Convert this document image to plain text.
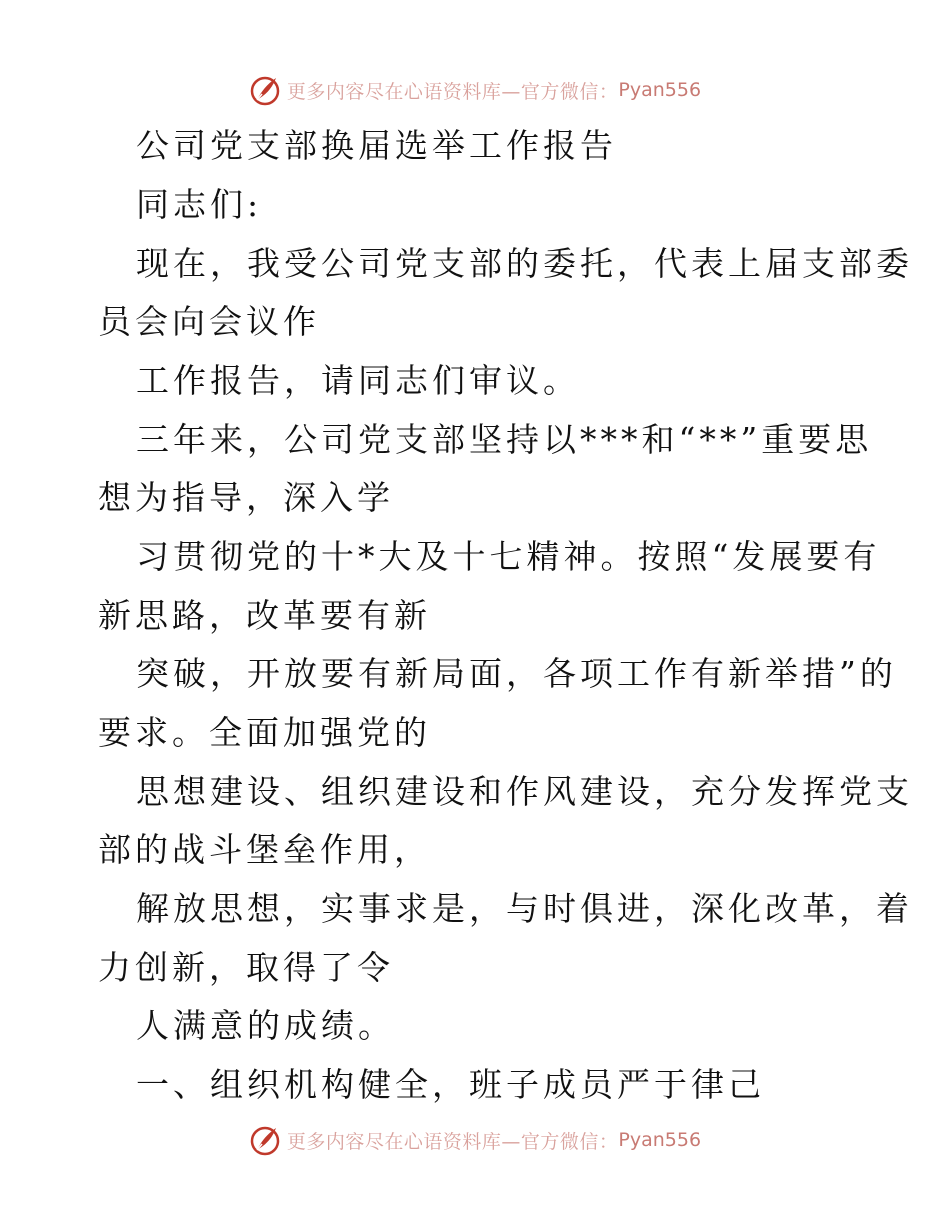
更多内容尽在心语资料库—官方微信： Pyan556
公司党支部换届选举工作报告
同志们:
现在，我受公司党支部的委托，代表上届支部委
员会向会议作
工作报告，请同志们审议。
三年来，公司党支部坚持以***和“**”重要思
想为指导，深入学
习贯彻党的十*大及十七精神。按照“发展要有
新思路，改革要有新
突破，开放要有新局面，各项工作有新举措”的
要求。全面加强党的
思想建设、组织建设和作风建设，充分发挥党支
部的战斗堡垒作用，
解放思想，实事求是，与时俱进，深化改革，着
力创新，取得了令
人满意的成绩。
一、组织机构健全，班子成员严于律己
更多内容尽在心语资料库—官方微信： Pyan556
